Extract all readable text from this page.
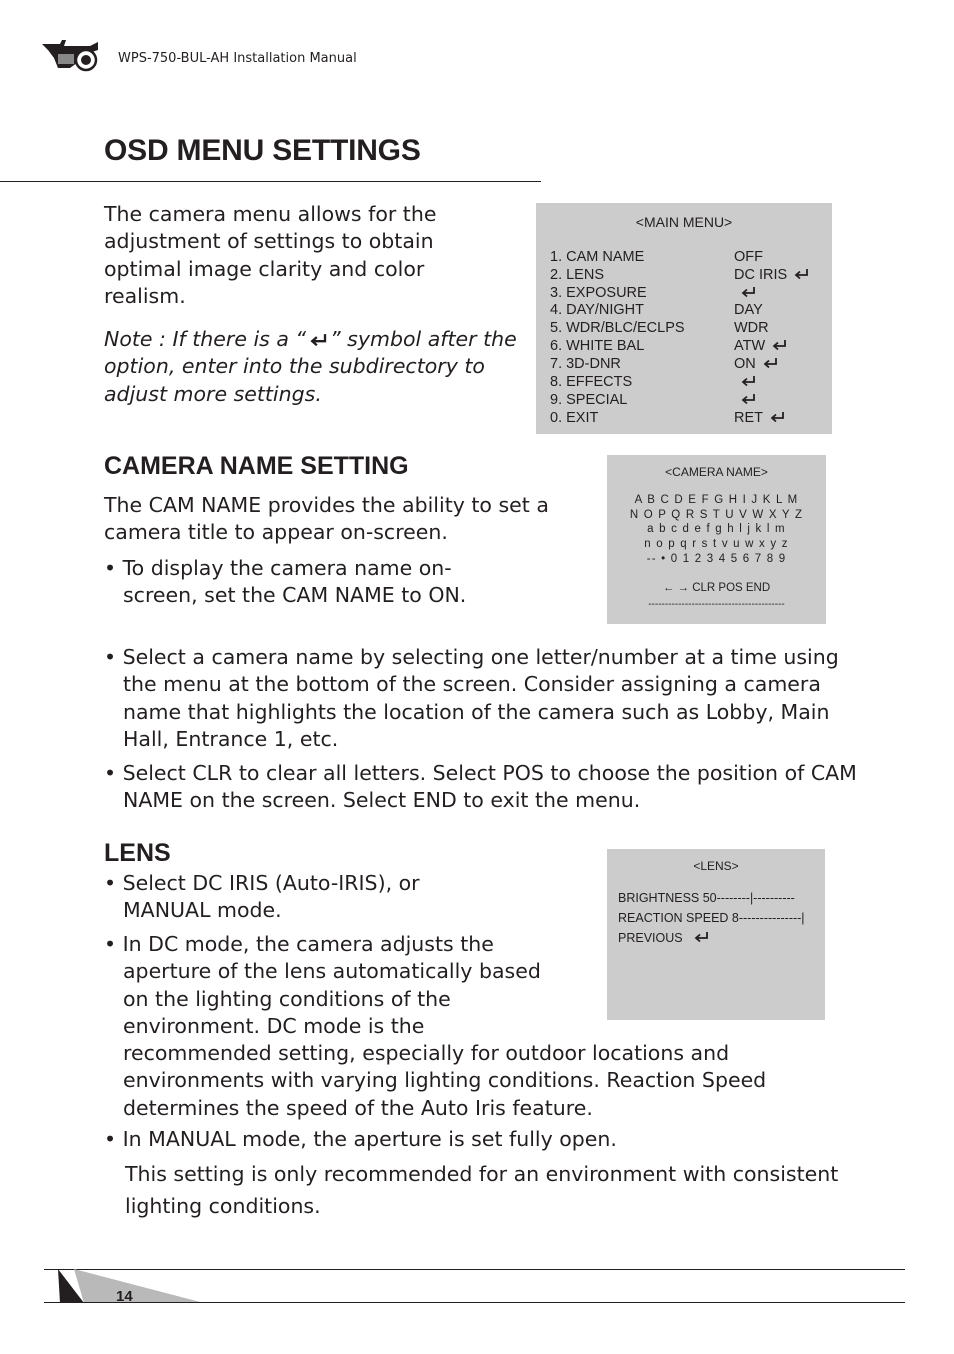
WPS-750-BUL-AH Installation Manual
OSD MENU SETTINGS

The camera menu allows for the adjustment of settings to obtain optimal image clarity and color realism.

Note : If there is a “ ” symbol after the option, enter into the subdirectory to adjust more settings.

<MAIN MENU>
1. CAM NAME	OFF
2. LENS	DC IRIS
3. EXPOSURE
4. DAY/NIGHT	DAY
5. WDR/BLC/ECLPS	WDR
6. WHITE BAL	ATW
7. 3D-DNR	ON
8. EFFECTS
9. SPECIAL
0. EXIT	RET
CAMERA NAME SETTING

The CAM NAME provides the ability to set a camera title to appear on-screen.

• To display the camera name on-screen, set the CAM NAME to ON.

• Select a camera name by selecting one letter/number at a time using the menu at the bottom of the screen. Consider assigning a camera name that highlights the location of the camera such as Lobby, Main Hall, Entrance 1, etc.

• Select CLR to clear all letters. Select POS to choose the position of CAM NAME on the screen. Select END to exit the menu.

<CAMERA NAME>
A B C D E F G H I J K L M
N O P Q R S T U V W X Y Z
a b c d e f g h l j k l m
n o p q r s t v u w x y z
-- • 0 1 2 3 4 5 6 7 8 9
← → CLR POS END
-----------------------------------------
LENS

• Select DC IRIS (Auto-IRIS), or MANUAL mode.

• In DC mode, the camera adjusts the aperture of the lens automatically based on the lighting conditions of the environment. DC mode is the

recommended setting, especially for outdoor locations and environments with varying lighting conditions. Reaction Speed determines the speed of the Auto Iris feature.

• In MANUAL mode, the aperture is set fully open.

This setting is only recommended for an environment with consistent lighting conditions.

<LENS>
BRIGHTNESS 50--------|----------
REACTION SPEED 8---------------|
PREVIOUS
14
